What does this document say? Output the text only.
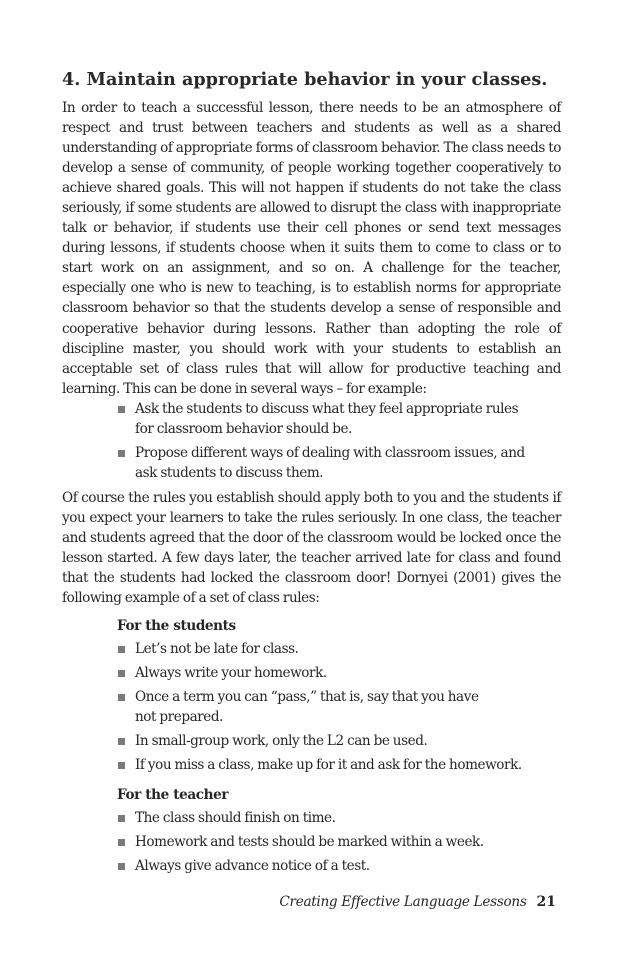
4. Maintain appropriate behavior in your classes.

In order to teach a successful lesson, there needs to be an atmosphere of respect and trust between teachers and students as well as a shared understanding of appropriate forms of classroom behavior. The class needs to develop a sense of community, of people working together cooperatively to achieve shared goals. This will not happen if students do not take the class seriously, if some students are allowed to disrupt the class with inappropriate talk or behavior, if students use their cell phones or send text messages during lessons, if students choose when it suits them to come to class or to start work on an assignment, and so on. A challenge for the teacher, especially one who is new to teaching, is to establish norms for appropriate classroom behavior so that the students develop a sense of responsible and cooperative behavior during lessons. Rather than adopting the role of discipline master, you should work with your students to establish an acceptable set of class rules that will allow for productive teaching and learning. This can be done in several ways – for example:

Ask the students to discuss what they feel appropriate rules for classroom behavior should be.
Propose different ways of dealing with classroom issues, and ask students to discuss them.

Of course the rules you establish should apply both to you and the students if you expect your learners to take the rules seriously. In one class, the teacher and students agreed that the door of the classroom would be locked once the lesson started. A few days later, the teacher arrived late for class and found that the students had locked the classroom door! Dornyei (2001) gives the following example of a set of class rules:

For the students
Let’s not be late for class.
Always write your homework.
Once a term you can “pass,” that is, say that you have not prepared.
In small-group work, only the L2 can be used.
If you miss a class, make up for it and ask for the homework.
For the teacher
The class should finish on time.
Homework and tests should be marked within a week.
Always give advance notice of a test.
Creating Effective Language Lessons 21
